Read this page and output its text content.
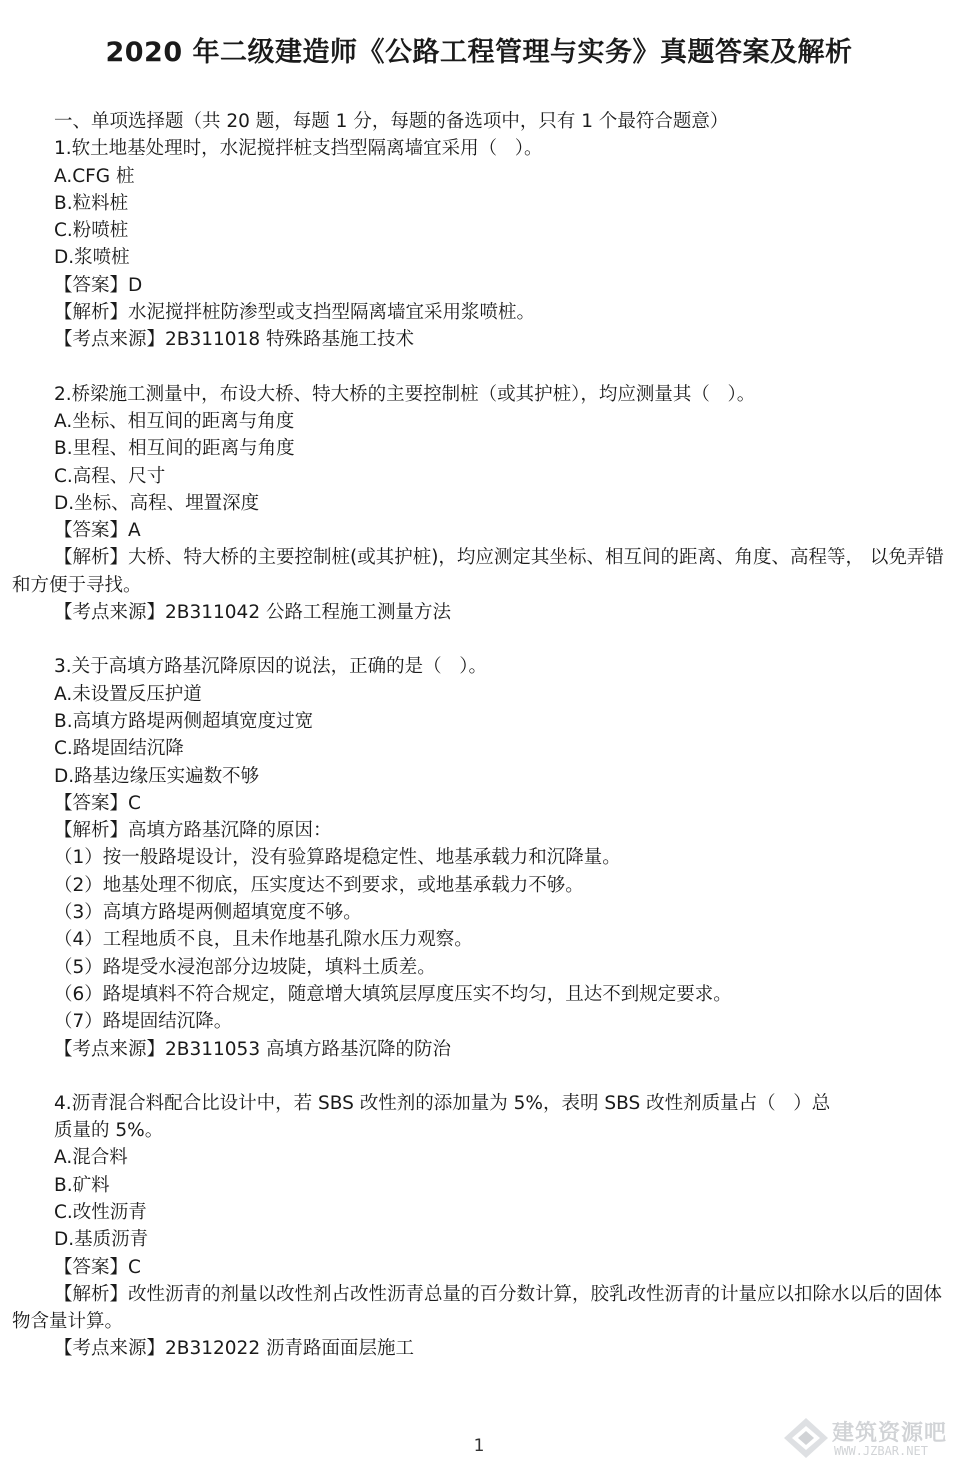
2020 年二级建造师《公路工程管理与实务》真题答案及解析
一、单项选择题（共 20 题，每题 1 分，每题的备选项中，只有 1 个最符合题意）
1.软土地基处理时，水泥搅拌桩支挡型隔离墙宜采用（   ）。
A.CFG 桩
B.粒料桩
C.粉喷桩
D.浆喷桩
【答案】D
【解析】水泥搅拌桩防渗型或支挡型隔离墙宜采用浆喷桩。
【考点来源】2B311018 特殊路基施工技术
2.桥梁施工测量中，布设大桥、特大桥的主要控制桩（或其护桩），均应测量其（   ）。
A.坐标、相互间的距离与角度
B.里程、相互间的距离与角度
C.高程、尺寸
D.坐标、高程、埋置深度
【答案】A
【解析】大桥、特大桥的主要控制桩(或其护桩)，均应测定其坐标、相互间的距离、角度、高程等， 以免弄错和方便于寻找。
【考点来源】2B311042 公路工程施工测量方法
3.关于高填方路基沉降原因的说法，正确的是（   ）。
A.未设置反压护道
B.高填方路堤两侧超填宽度过宽
C.路堤固结沉降
D.路基边缘压实遍数不够
【答案】C
【解析】高填方路基沉降的原因：
（1）按一般路堤设计，没有验算路堤稳定性、地基承载力和沉降量。
（2）地基处理不彻底，压实度达不到要求，或地基承载力不够。
（3）高填方路堤两侧超填宽度不够。
（4）工程地质不良，且未作地基孔隙水压力观察。
（5）路堤受水浸泡部分边坡陡，填料土质差。
（6）路堤填料不符合规定，随意增大填筑层厚度压实不均匀，且达不到规定要求。
（7）路堤固结沉降。
【考点来源】2B311053 高填方路基沉降的防治
4.沥青混合料配合比设计中，若 SBS 改性剂的添加量为 5%，表明 SBS 改性剂质量占（   ）总
质量的 5%。
A.混合料
B.矿料
C.改性沥青
D.基质沥青
【答案】C
【解析】改性沥青的剂量以改性剂占改性沥青总量的百分数计算，胶乳改性沥青的计量应以扣除水以后的固体物含量计算。
【考点来源】2B312022 沥青路面面层施工
1	建筑资源吧
WWW.JZBAR.NET
